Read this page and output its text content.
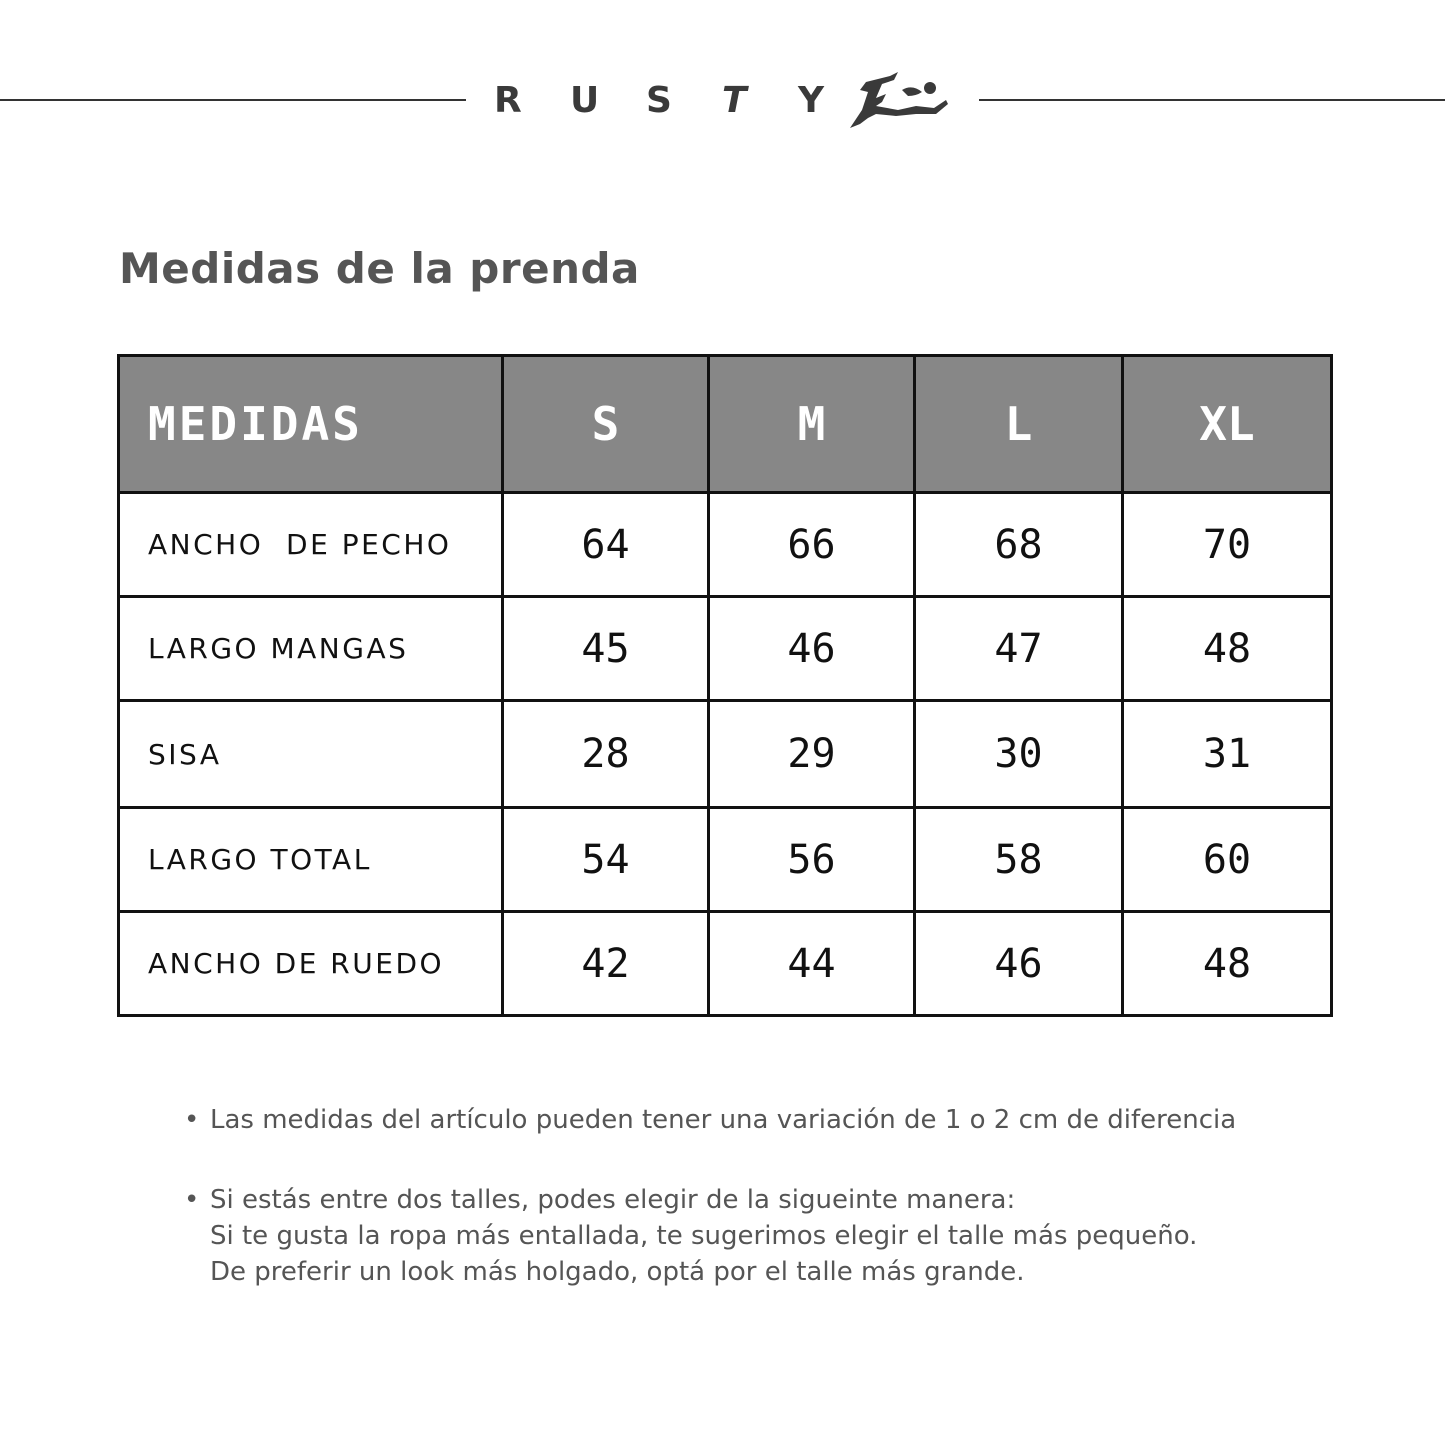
R	U	S	T	Y
Medidas de la prenda
MEDIDAS	S	M	L	XL
ANCHO  DE PECHO	64	66	68	70
LARGO MANGAS	45	46	47	48
SISA	28	29	30	31
LARGO TOTAL	54	56	58	60
ANCHO DE RUEDO	42	44	46	48
• Las medidas del artículo pueden tener una variación de 1 o 2 cm de diferencia
• Si estás entre dos talles, podes elegir de la sigueinte manera:
Si te gusta la ropa más entallada, te sugerimos elegir el talle más pequeño.
De preferir un look más holgado, optá por el talle más grande.
